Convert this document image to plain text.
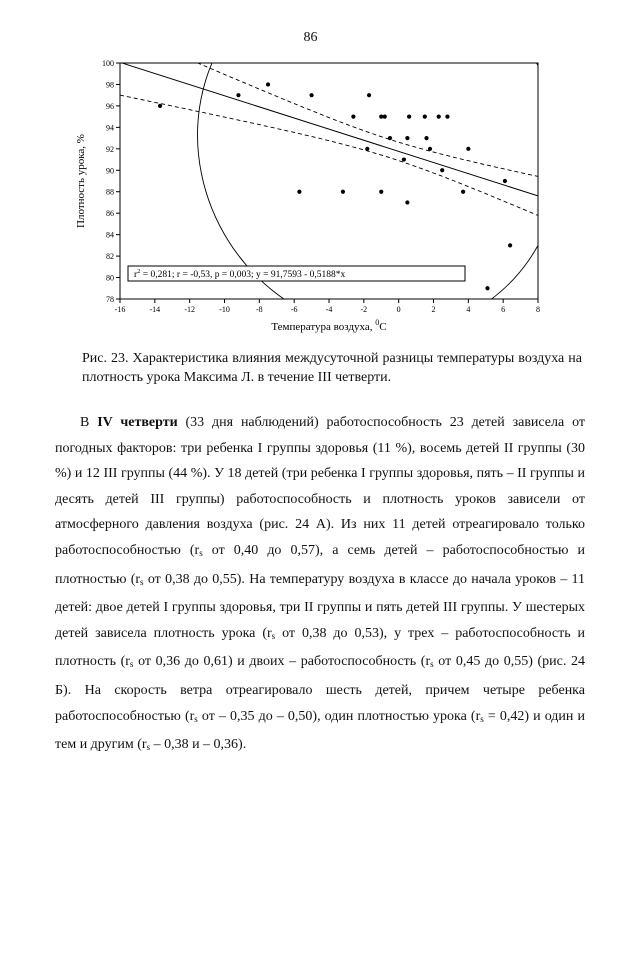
86
-16	-14	-12	-10	-8	-6	-4	-2	0	2	4	6	8
78
80
82
84
86
88
90
92
94
96
98
100
$r^2 = 0,281$; r = -0,53, p = 0,003; y = 91,7593 - 0,5188*x
Температура воздуха, $^0$C
Плотность урока, %
Рис. 23. Характеристика влияния междусуточной разницы температуры воздуха на плотность урока Максима Л. в течение III четверти.

В IV четверти (33 дня наблюдений) работоспособность 23 детей зависела от погодных факторов: три ребенка I группы здоровья (11 %), восемь детей II группы (30 %) и 12 III группы (44 %). У 18 детей (три ребенка I группы здоровья, пять – II группы и десять детей III группы) работоспособность и плотность уроков зависели от атмосферного давления воздуха (рис. 24 А). Из них 11 детей отреагировало только работоспособностью ($r_s$ от 0,40 до 0,57), а семь детей – работоспособностью и плотностью ($r_s$ от 0,38 до 0,55). На температуру воздуха в классе до начала уроков – 11 детей: двое детей I группы здоровья, три II группы и пять детей III группы. У шестерых детей зависела плотность урока ($r_s$ от 0,38 до 0,53), у трех – работоспособность и плотность ($r_s$ от 0,36 до 0,61) и двоих – работоспособность ($r_s$ от 0,45 до 0,55) (рис. 24 Б). На скорость ветра отреагировало шесть детей, причем четыре ребенка работоспособностью ($r_s$ от – 0,35 до – 0,50), один плотностью урока $(r_s = 0,42)$ и один и тем и другим ($r_s - 0,38$ и – 0,36).
